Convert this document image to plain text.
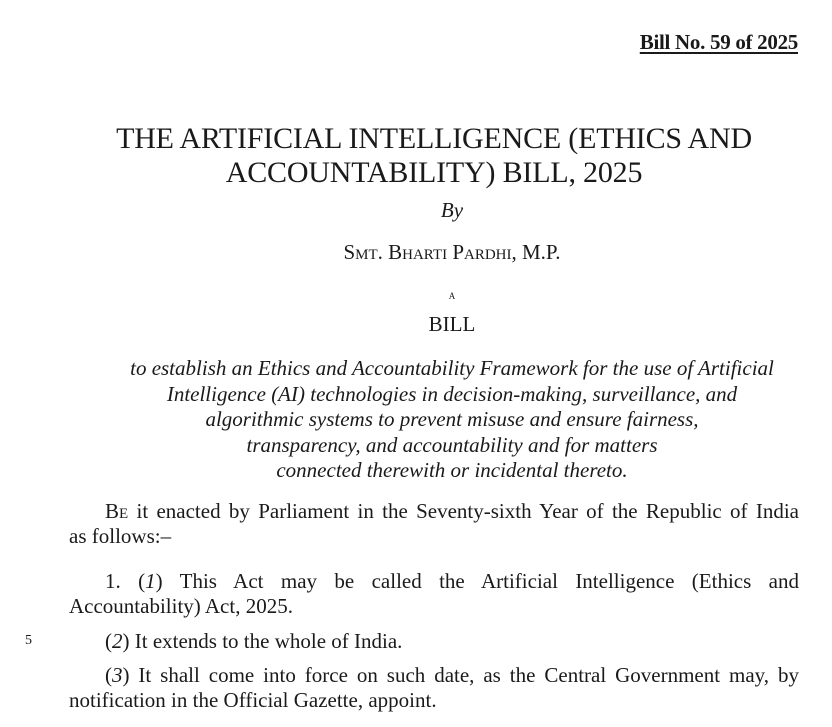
Bill No. 59 of 2025
THE ARTIFICIAL INTELLIGENCE (ETHICS AND
ACCOUNTABILITY) BILL, 2025
By
Smt. Bharti Pardhi, M.P.
a
BILL
to establish an Ethics and Accountability Framework for the use of Artificial
Intelligence (AI) technologies in decision-making, surveillance, and
algorithmic systems to prevent misuse and ensure fairness,
transparency, and accountability and for matters
connected therewith or incidental thereto.
Be it enacted by Parliament in the Seventy-sixth Year of the Republic of India
as follows:–
1. (1) This Act may be called the Artificial Intelligence (Ethics and
Accountability) Act, 2025.
5	(2) It extends to the whole of India.
(3) It shall come into force on such date, as the Central Government may, by
notification in the Official Gazette, appoint.
